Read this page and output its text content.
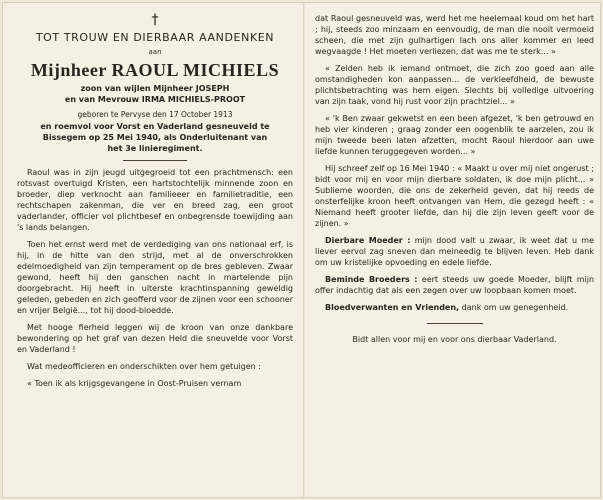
†
TOT TROUW EN DIERBAAR AANDENKEN
aan
Mijnheer RAOUL MICHIELS
zoon van wijlen Mijnheer JOSEPH
en van Mevrouw IRMA MICHIELS-PROOT
geboren te Pervyse den 17 October 1913
en roemvol voor Vorst en Vaderland gesneuveld te
Bissegem op 25 Mei 1940, als Onderluitenant van
het 3e linieregiment.

Raoul was in zijn jeugd uitgegroeid tot een prachtmensch: een rotsvast overtuigd Kristen, een hartstochtelijk minnende zoon en broeder, diep verknocht aan familieeer en familietraditie, een rechtschapen zakenman, die ver en breed zag, een groot vaderlander, officier vol plichtbesef en onbegrensde toewijding aan 's lands belangen.

Toen het ernst werd met de verdediging van ons nationaal erf, is hij, in de hitte van den strijd, met al de onverschrokken edelmoedigheid van zijn temperament op de bres gebleven. Zwaar gewond, heeft hij den ganschen nacht in martelende pijn doorgebracht. Hij heeft in ulterste krachtinspanning geweldig geleden, gebeden en zich geofferd voor de zijnen voor een schooner en vrijer België..., tot hij dood-bloedde.

Met hooge fierheid leggen wij de kroon van onze dankbare bewondering op het graf van dezen Held die sneuvelde voor Vorst en Vaderland !

Wat medeofficieren en onderschikten over hem getuigen :

« Toen ik als krijgsgevangene in Oost-Pruisen vernam

dat Raoul gesneuveld was, werd het me heelemaal koud om het hart ; hij, steeds zoo minzaam en eenvoudig, de man die nooit vermoeid scheen, die met zijn gulhartigen lach ons aller kommer en leed wegvaagde ! Het moeten verliezen, dat was me te sterk... »

« Zelden heb ik iemand ontmoet, die zich zoo goed aan alle omstandigheden kon aanpassen... de verkleefdheid, de bewuste plichtsbetrachting was hem eigen. Slechts bij volledige uitvoering van zijn taak, vond hij rust voor zijn prachtziel... »

« 'k Ben zwaar gekwetst en een been afgezet, 'k ben getrouwd en heb vier kinderen ; graag zonder een oogenblik te aarzelen, zou ik mijn tweede been laten afzetten, mocht Raoul hierdoor aan uwe liefde kunnen teruggegeven worden... »

Hij schreef zelf op 16 Mei 1940 : « Maakt u over mij niet ongerust ; bidt voor mij en voor mijn dierbare soldaten, ik doe mijn plicht... » Sublieme woorden, die ons de zekerheid geven, dat hij reeds de onsterfelijke kroon heeft ontvangen van Hem, die gezegd heeft : « Niemand heeft grooter liefde, dan hij die zijn leven geeft voor de zijnen. »

Dierbare Moeder : mijn dood valt u zwaar, ik weet dat u me liever eervol zag sneven dan meineedig te blijven leven. Heb dank om uw kristelijke opvoeding en edele liefde.

Beminde Broeders : eert steeds uw goede Moeder, blijft mijn offer indachtig dat als een zegen over uw loopbaan komen moet.

Bloedverwanten en Vrienden, dank om uw genegenheid.

Bidt allen voor mij en voor ons dierbaar Vaderland.
